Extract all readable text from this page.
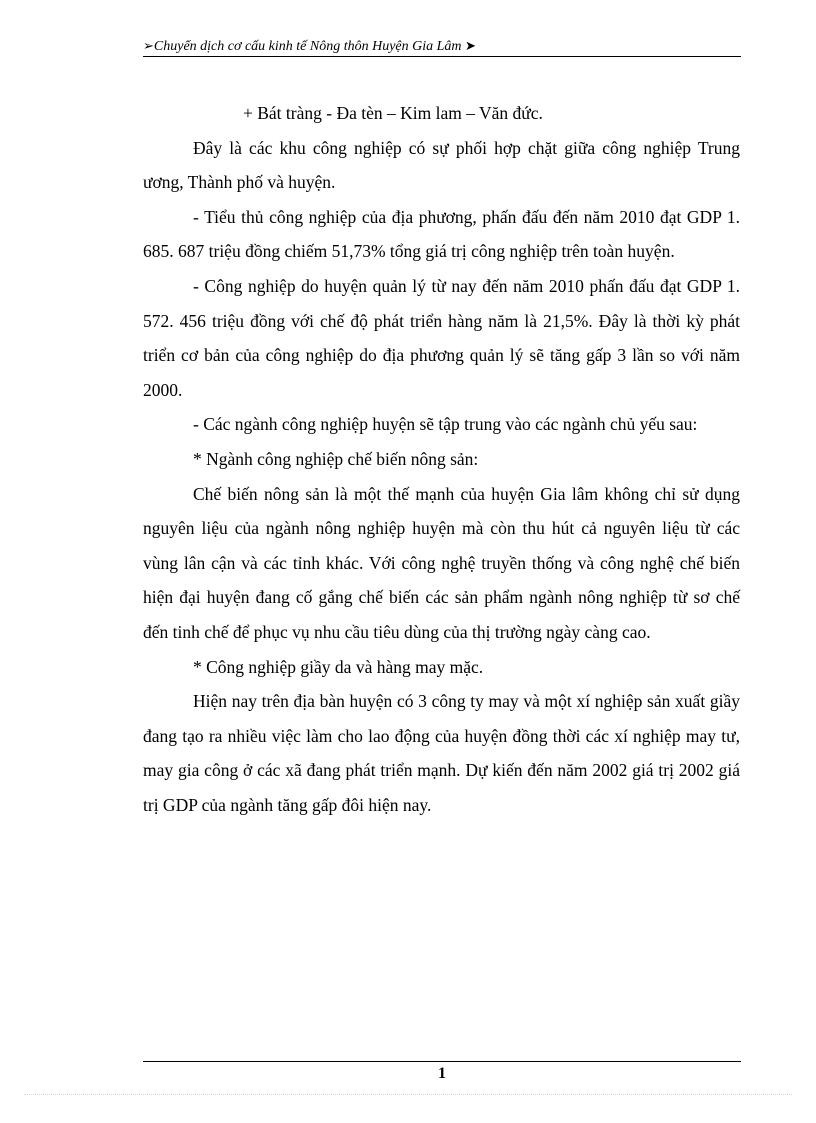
➢Chuyển dịch cơ cấu kinh tế Nông thôn Huyện Gia Lâm ➤

+ Bát tràng - Đa tèn – Kim lam – Văn đức.

Đây là các khu công nghiệp có sự phối hợp chặt giữa công nghiệp Trung ương, Thành phố và huyện.

- Tiểu thủ công nghiệp của địa phương, phấn đấu đến năm 2010 đạt GDP 1. 685. 687 triệu đồng chiếm 51,73% tổng giá trị công nghiệp trên toàn huyện.

- Công nghiệp do huyện quản lý từ nay đến năm 2010 phấn đấu đạt GDP 1. 572. 456 triệu đồng với chế độ phát triển hàng năm là 21,5%. Đây là thời kỳ phát triển cơ bản của công nghiệp do địa phương quản lý sẽ tăng gấp 3 lần so với năm 2000.

- Các ngành công nghiệp huyện sẽ tập trung vào các ngành chủ yếu sau:

* Ngành công nghiệp chế biến nông sản:

Chế biến nông sản là một thế mạnh của huyện Gia lâm không chỉ sử dụng nguyên liệu của ngành nông nghiệp huyện mà còn thu hút cả nguyên liệu từ các vùng lân cận và các tỉnh khác. Với công nghệ truyền thống và công nghệ chế biến hiện đại huyện đang cố gắng chế biến các sản phẩm ngành nông nghiệp từ sơ chế đến tinh chế để phục vụ nhu cầu tiêu dùng của thị trường ngày càng cao.

* Công nghiệp giầy da và hàng may mặc.

Hiện nay trên địa bàn huyện có 3 công ty may và một xí nghiệp sản xuất giầy đang tạo ra nhiều việc làm cho lao động của huyện đồng thời các xí nghiệp may tư, may gia công ở các xã đang phát triển mạnh. Dự kiến đến năm 2002 giá trị 2002 giá trị GDP của ngành tăng gấp đôi hiện nay.

1
